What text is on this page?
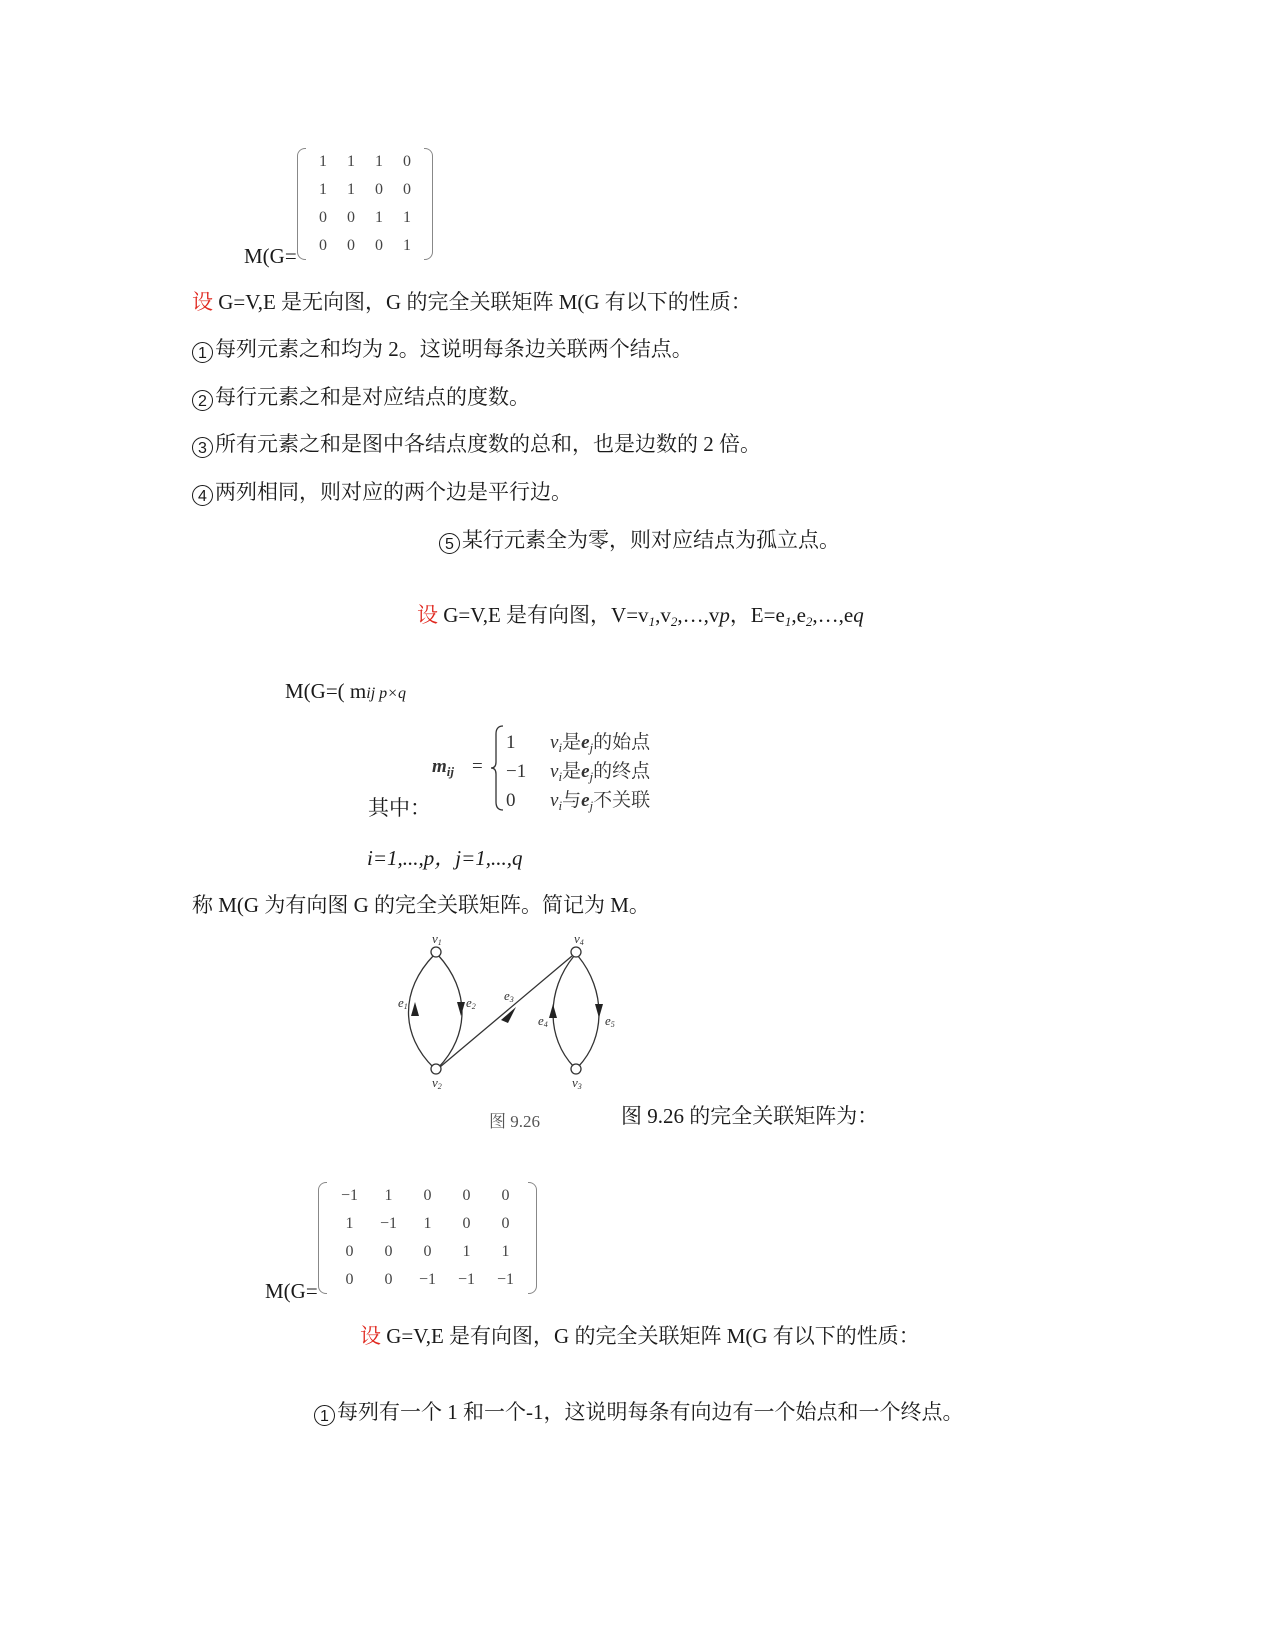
1	1	1	0
1	1	0	0
0	0	1	1
0	0	0	1
M(G=
设 G=V,E 是无向图，G 的完全关联矩阵 M(G 有以下的性质：
1 每列元素之和均为 2。这说明每条边关联两个结点。
2 每行元素之和是对应结点的度数。
3 所有元素之和是图中各结点度数的总和，也是边数的 2 倍。
4 两列相同，则对应的两个边是平行边。
5 某行元素全为零，则对应结点为孤立点。
设 G=V,E 是有向图，$V=v_1,v_2,\dots,vp$，$E=e_1,e_2,\dots,eq$
M(G=( mij p×q
$m_{ij}$ =
1 $v_i$是$e_j$的始点
−1 $v_i$是$e_j$的终点
0 $v_i$与$e_j$不关联
其中：
i=1,...,p，j=1,...,q
称 M(G 为有向图 G 的完全关联矩阵。简记为 M。
v1
v2	v3
v4
e1	e2
e3
e4	e5
图 9.26	图 9.26 的完全关联矩阵为：
−1	1	0	0	0
1	−1	1	0	0
0	0	0	1	1
0	0	−1	−1	−1
M(G=
设 G=V,E 是有向图，G 的完全关联矩阵 M(G 有以下的性质：
1 每列有一个 1 和一个-1，这说明每条有向边有一个始点和一个终点。
